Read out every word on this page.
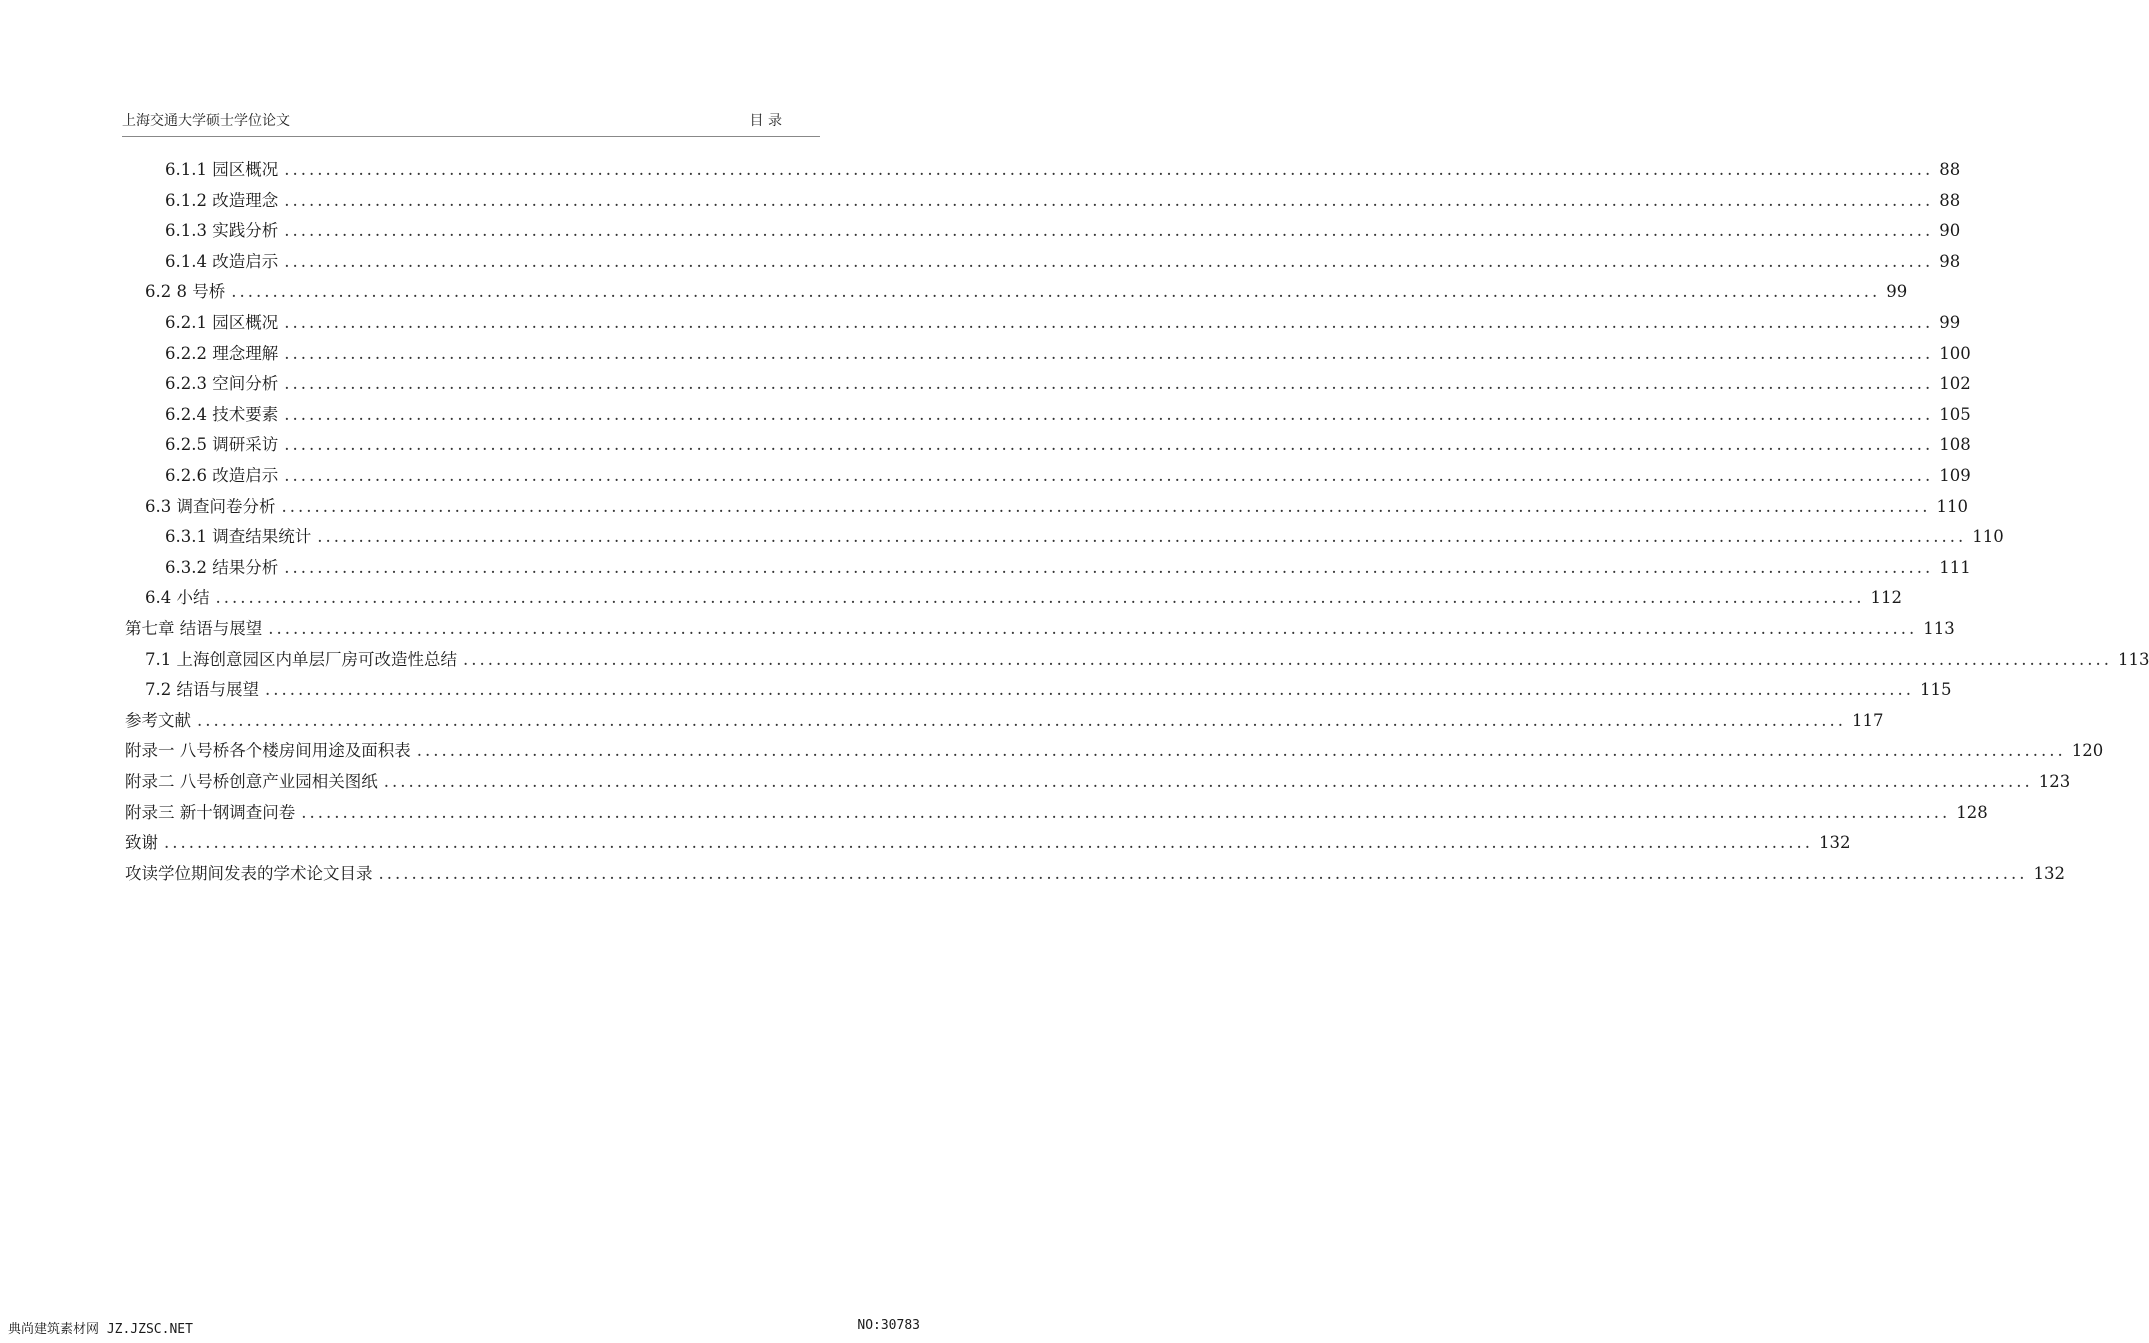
上海交通大学硕士学位论文	目 录
6.1.1 园区概况 ........................................................................................................................................................................................................ 88
6.1.2 改造理念 ........................................................................................................................................................................................................ 88
6.1.3 实践分析 ........................................................................................................................................................................................................ 90
6.1.4 改造启示 ........................................................................................................................................................................................................ 98
6.2 8 号桥 ........................................................................................................................................................................................................ 99
6.2.1 园区概况 ........................................................................................................................................................................................................ 99
6.2.2 理念理解 ........................................................................................................................................................................................................ 100
6.2.3 空间分析 ........................................................................................................................................................................................................ 102
6.2.4 技术要素 ........................................................................................................................................................................................................ 105
6.2.5 调研采访 ........................................................................................................................................................................................................ 108
6.2.6 改造启示 ........................................................................................................................................................................................................ 109
6.3 调查问卷分析 ........................................................................................................................................................................................................ 110
6.3.1 调查结果统计 ........................................................................................................................................................................................................ 110
6.3.2 结果分析 ........................................................................................................................................................................................................ 111
6.4 小结 ........................................................................................................................................................................................................ 112
第七章 结语与展望 ........................................................................................................................................................................................................ 113
7.1 上海创意园区内单层厂房可改造性总结 ........................................................................................................................................................................................................ 113
7.2 结语与展望 ........................................................................................................................................................................................................ 115
参考文献 ........................................................................................................................................................................................................ 117
附录一 八号桥各个楼房间用途及面积表 ........................................................................................................................................................................................................ 120
附录二 八号桥创意产业园相关图纸 ........................................................................................................................................................................................................ 123
附录三 新十钢调查问卷 ........................................................................................................................................................................................................ 128
致谢 ........................................................................................................................................................................................................ 132
攻读学位期间发表的学术论文目录 ........................................................................................................................................................................................................ 132
典尚建筑素材网 JZ.JZSC.NET	NO:30783
